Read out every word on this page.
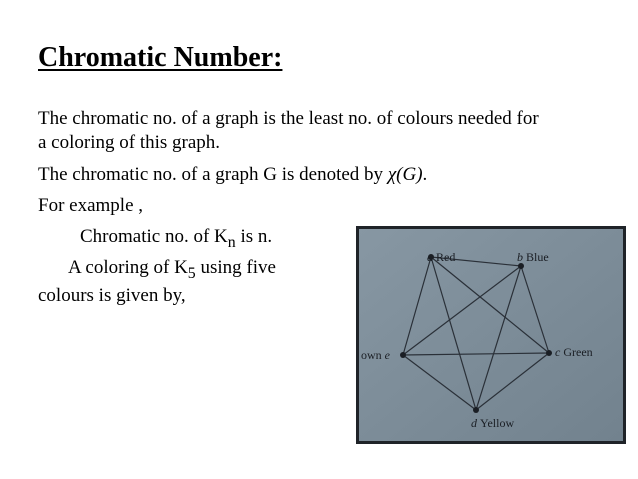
Chromatic Number:
The chromatic no. of a graph is the least no. of colours needed for
a coloring of this graph.
The chromatic no. of a graph G is denoted by χ(G).
For example ,
Chromatic no. of $K_n$ is n.
A coloring of $K_5$ using five
colours is given by,
a Red	b Blue
c Green
d Yellow
own e
